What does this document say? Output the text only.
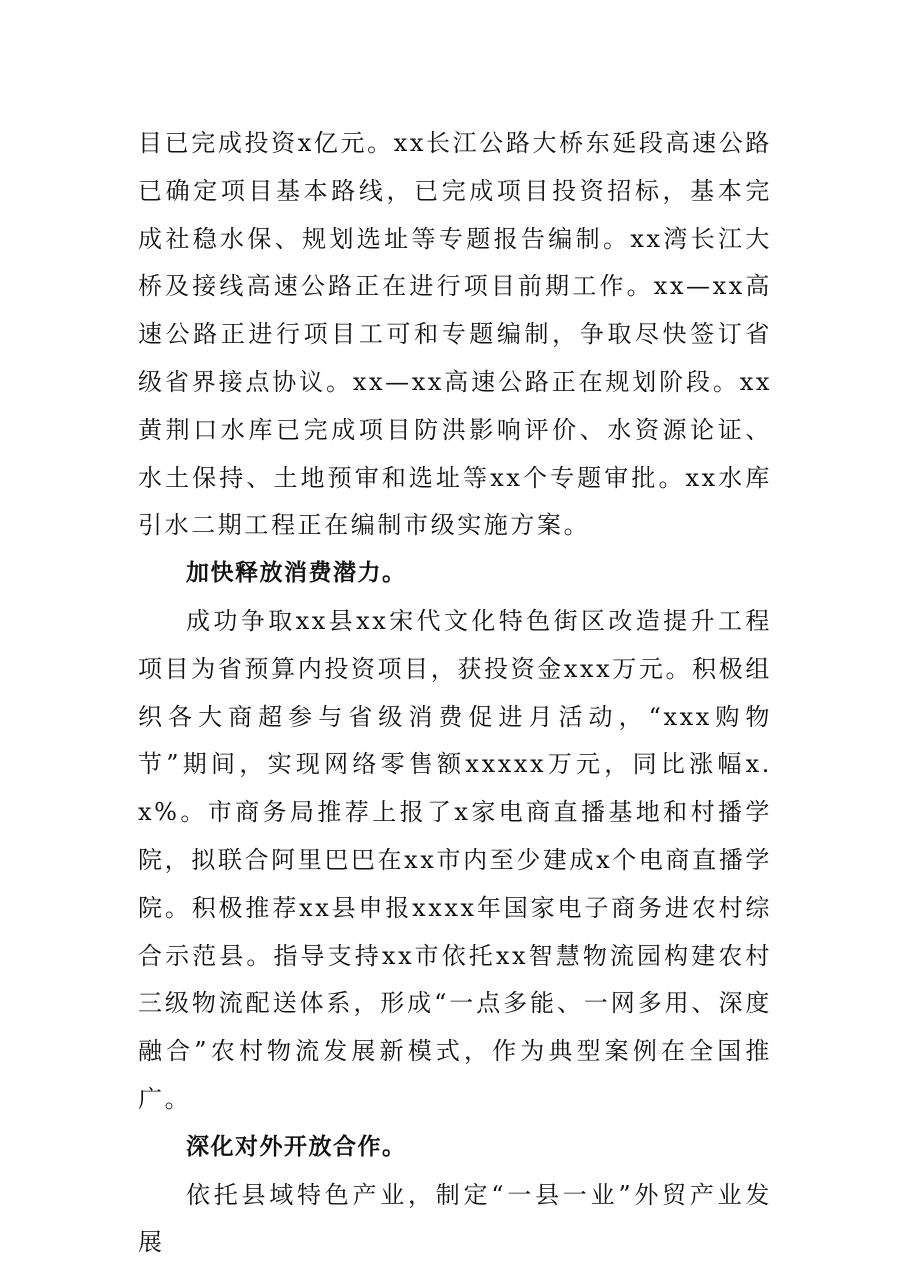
目已完成投资x亿元。xx长江公路大桥东延段高速公路已确定项目基本路线，已完成项目投资招标，基本完成社稳水保、规划选址等专题报告编制。xx湾长江大桥及接线高速公路正在进行项目前期工作。xx—xx高速公路正进行项目工可和专题编制，争取尽快签订省级省界接点协议。xx—xx高速公路正在规划阶段。xx黄荆口水库已完成项目防洪影响评价、水资源论证、水土保持、土地预审和选址等xx个专题审批。xx水库引水二期工程正在编制市级实施方案。

加快释放消费潜力。

成功争取xx县xx宋代文化特色街区改造提升工程项目为省预算内投资项目，获投资金xxx万元。积极组织各大商超参与省级消费促进月活动，“xxx购物节”期间，实现网络零售额xxxxx万元，同比涨幅x.x%。市商务局推荐上报了x家电商直播基地和村播学院，拟联合阿里巴巴在xx市内至少建成x个电商直播学院。积极推荐xx县申报xxxx年国家电子商务进农村综合示范县。指导支持xx市依托xx智慧物流园构建农村三级物流配送体系，形成“一点多能、一网多用、深度融合”农村物流发展新模式，作为典型案例在全国推广。

深化对外开放合作。

依托县域特色产业，制定“一县一业”外贸产业发展
